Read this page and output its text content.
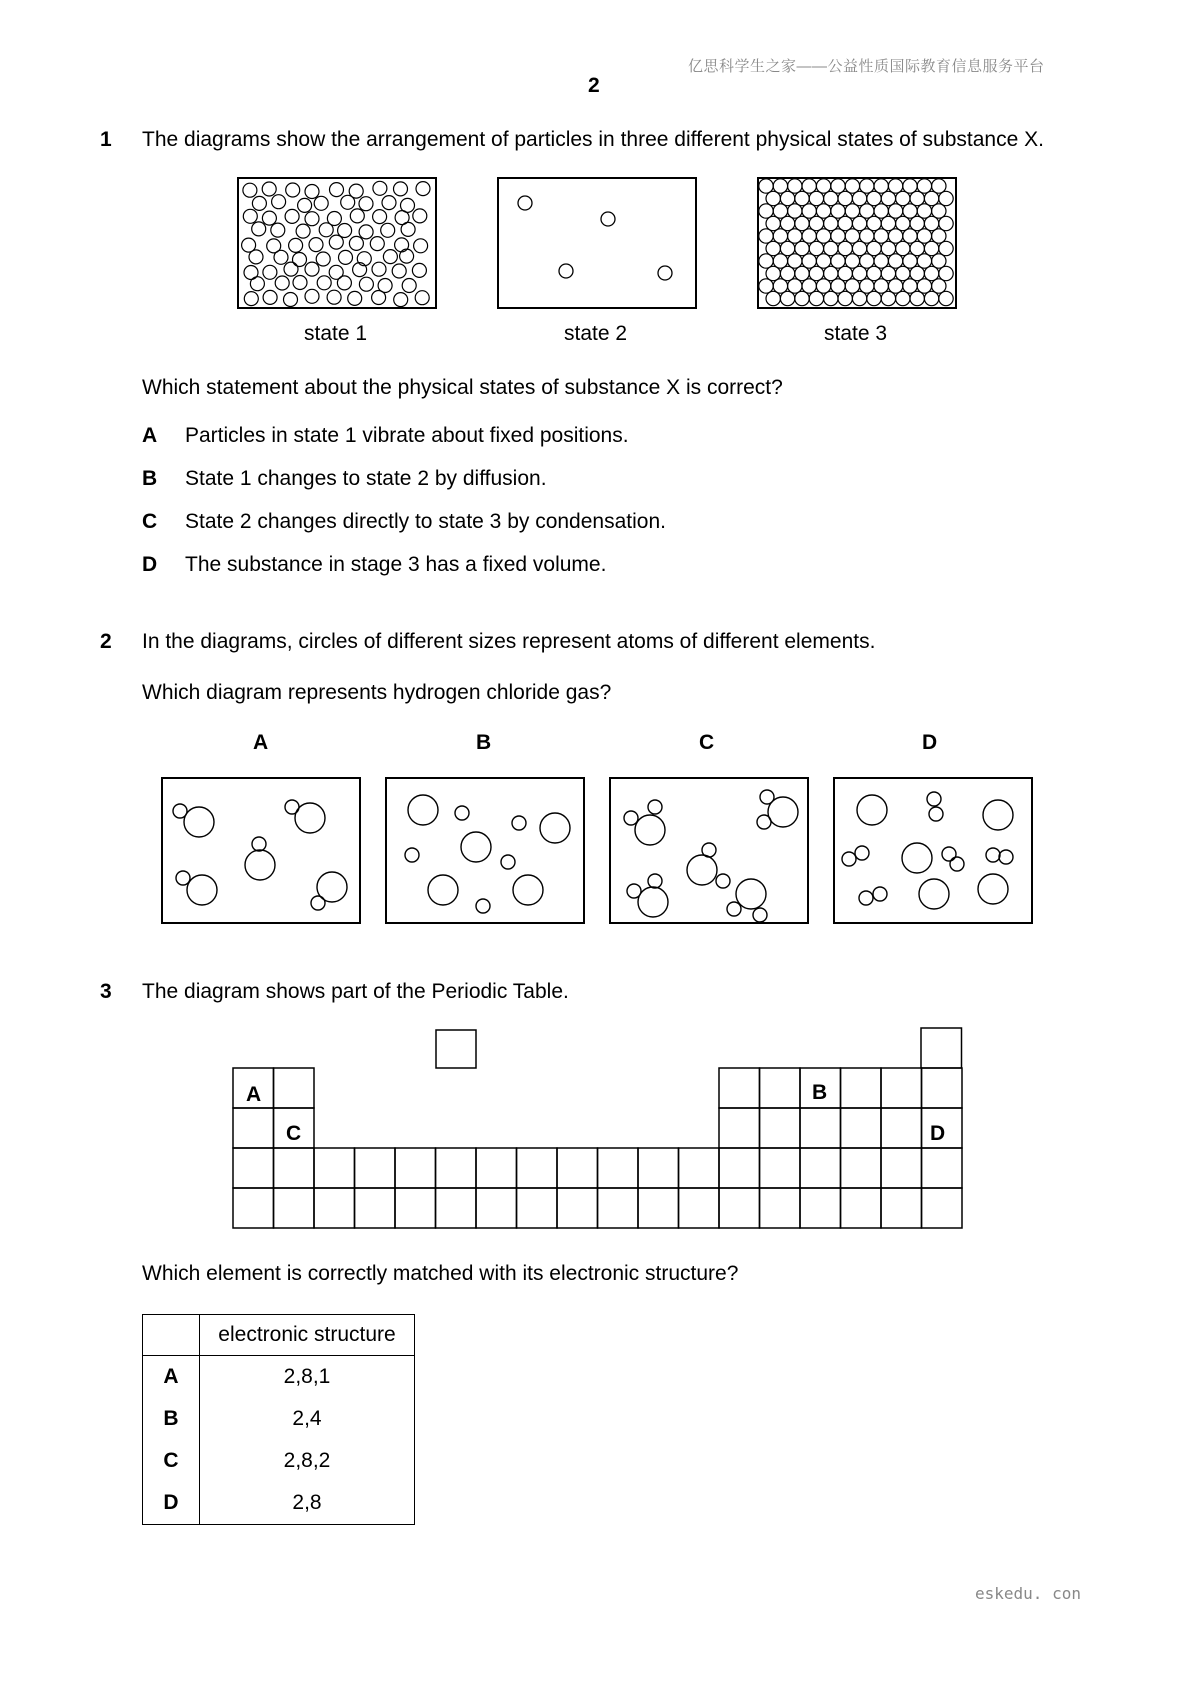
亿思科学生之家——公益性质国际教育信息服务平台
2
eskedu. con
1 The diagrams show the arrangement of particles in three different physical states of substance X.
state 1	state 2	state 3
Which statement about the physical states of substance X is correct?
A Particles in state 1 vibrate about fixed positions.
B State 1 changes to state 2 by diffusion.
C State 2 changes directly to state 3 by condensation.
D The substance in stage 3 has a fixed volume.
2 In the diagrams, circles of different sizes represent atoms of different elements.
Which diagram represents hydrogen chloride gas?
A	B	C	D
3 The diagram shows part of the Periodic Table.
A
C
B
D
Which element is correctly matched with its electronic structure?
	electronic structure
A	2,8,1
B	2,4
C	2,8,2
D	2,8
